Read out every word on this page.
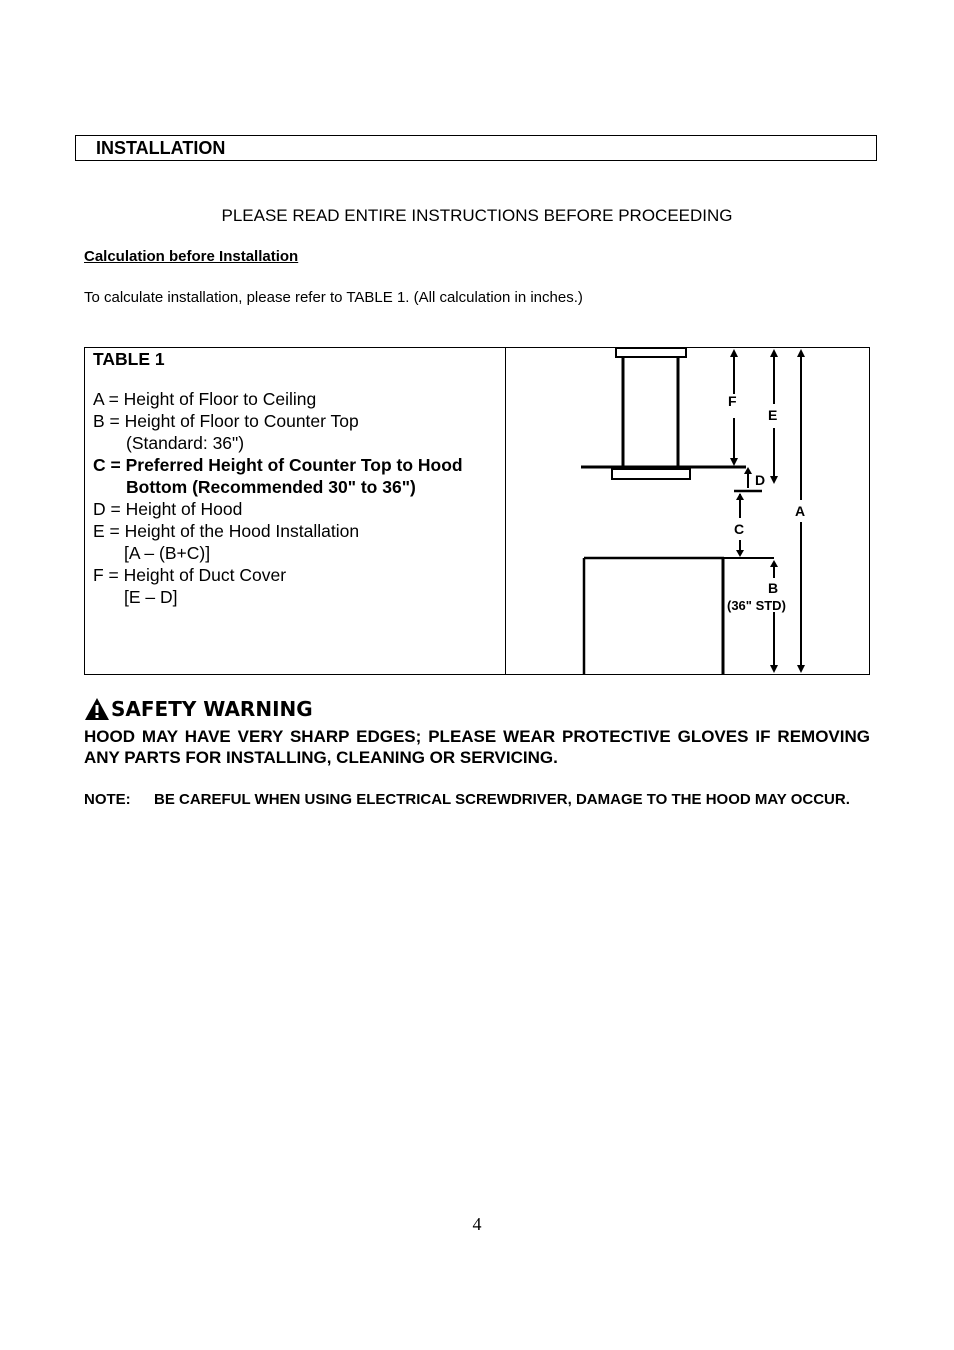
INSTALLATION
PLEASE READ ENTIRE INSTRUCTIONS BEFORE PROCEEDING
Calculation before Installation
To calculate installation, please refer to TABLE 1. (All calculation in inches.)
TABLE 1
A = Height of Floor to Ceiling
B = Height of Floor to Counter Top
(Standard: 36")
C = Preferred Height of Counter Top to Hood
Bottom (Recommended 30" to 36")
D = Height of Hood
E = Height of the Hood Installation
[A – (B+C)]
F = Height of Duct Cover
[E – D]
F
E
D
A
C
B
(36" STD)
SAFETY WARNING
HOOD MAY HAVE VERY SHARP EDGES; PLEASE WEAR PROTECTIVE GLOVES IF REMOVING ANY PARTS FOR INSTALLING, CLEANING OR SERVICING.
NOTE: BE CAREFUL WHEN USING ELECTRICAL SCREWDRIVER, DAMAGE TO THE HOOD MAY OCCUR.
4
